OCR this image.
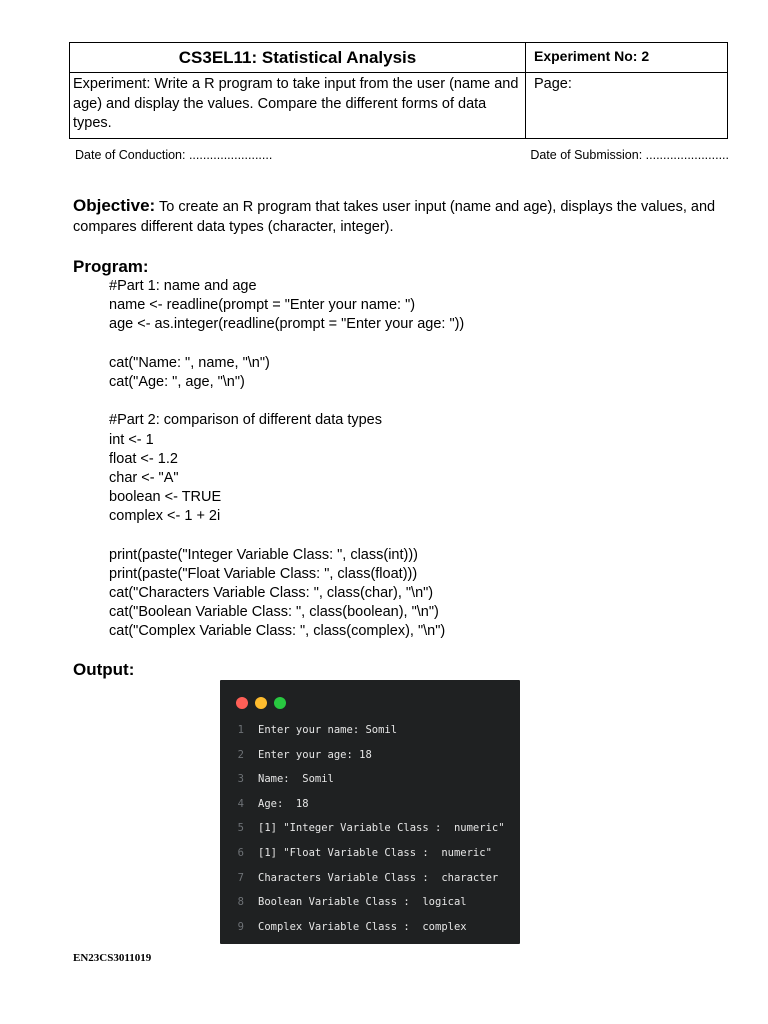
CS3EL11: Statistical Analysis	Experiment No: 2
Experiment: Write a R program to take input from the user (name and age) and display the values. Compare the different forms of data types.	Page:
Date of Conduction: ........................	Date of Submission: ........................
Objective: To create an R program that takes user input (name and age), displays the values, and compares different data types (character, integer).
Program:
#Part 1: name and age
name <- readline(prompt = "Enter your name: ")
age <- as.integer(readline(prompt = "Enter your age: "))
cat("Name: ", name, "\n")
cat("Age: ", age, "\n")
#Part 2: comparison of different data types
int <- 1
float <- 1.2
char <- "A"
boolean <- TRUE
complex <- 1 + 2i
print(paste("Integer Variable Class: ", class(int)))
print(paste("Float Variable Class: ", class(float)))
cat("Characters Variable Class: ", class(char), "\n")
cat("Boolean Variable Class: ", class(boolean), "\n")
cat("Complex Variable Class: ", class(complex), "\n")
Output:
1 Enter your name: Somil
2 Enter your age: 18
3 Name:  Somil
4 Age:  18
5 [1] "Integer Variable Class :  numeric"
6 [1] "Float Variable Class :  numeric"
7 Characters Variable Class :  character
8 Boolean Variable Class :  logical
9 Complex Variable Class :  complex
EN23CS3011019
